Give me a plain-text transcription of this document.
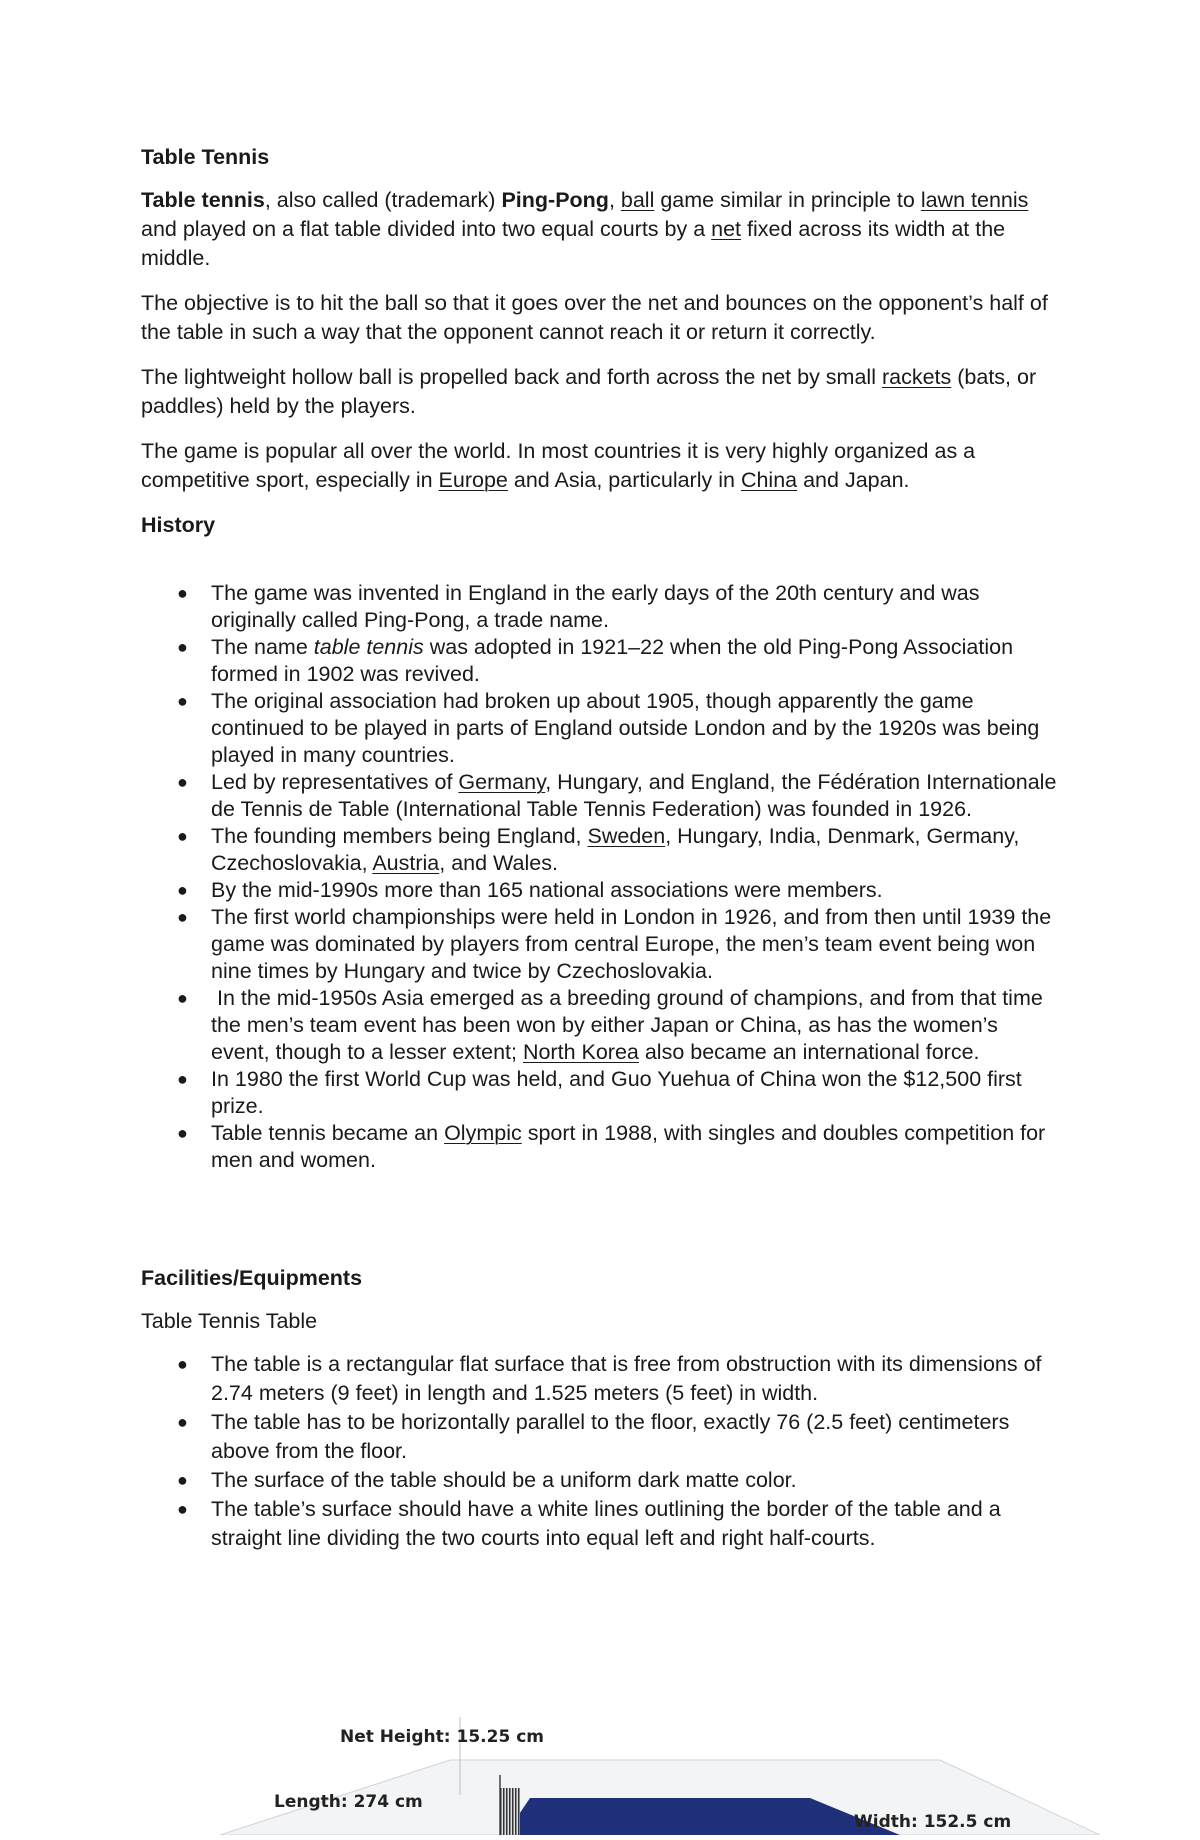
Table Tennis

Table tennis, also called (trademark) Ping-Pong, ball game similar in principle to lawn tennis and played on a flat table divided into two equal courts by a net fixed across its width at the middle.

The objective is to hit the ball so that it goes over the net and bounces on the opponent’s half of the table in such a way that the opponent cannot reach it or return it correctly.

The lightweight hollow ball is propelled back and forth across the net by small rackets (bats, or paddles) held by the players.

The game is popular all over the world. In most countries it is very highly organized as a competitive sport, especially in Europe and Asia, particularly in China and Japan.

History
● The game was invented in England in the early days of the 20th century and was originally called Ping-Pong, a trade name.
● The name table tennis was adopted in 1921–22 when the old Ping-Pong Association formed in 1902 was revived.
● The original association had broken up about 1905, though apparently the game continued to be played in parts of England outside London and by the 1920s was being played in many countries.
● Led by representatives of Germany, Hungary, and England, the Fédération Internationale de Tennis de Table (International Table Tennis Federation) was founded in 1926.
● The founding members being England, Sweden, Hungary, India, Denmark, Germany, Czechoslovakia, Austria, and Wales.
● By the mid-1990s more than 165 national associations were members.
● The first world championships were held in London in 1926, and from then until 1939 the game was dominated by players from central Europe, the men’s team event being won nine times by Hungary and twice by Czechoslovakia.
● In the mid-1950s Asia emerged as a breeding ground of champions, and from that time the men’s team event has been won by either Japan or China, as has the women’s event, though to a lesser extent; North Korea also became an international force.
● In 1980 the first World Cup was held, and Guo Yuehua of China won the $12,500 first prize.
● Table tennis became an Olympic sport in 1988, with singles and doubles competition for men and women.
Facilities/Equipments

Table Tennis Table

● The table is a rectangular flat surface that is free from obstruction with its dimensions of 2.74 meters (9 feet) in length and 1.525 meters (5 feet) in width.
● The table has to be horizontally parallel to the floor, exactly 76 (2.5 feet) centimeters above from the floor.
● The surface of the table should be a uniform dark matte color.
● The table’s surface should have a white lines outlining the border of the table and a straight line dividing the two courts into equal left and right half-courts.
Net Height: 15.25 cm
Length: 274 cm
Width: 152.5 cm
